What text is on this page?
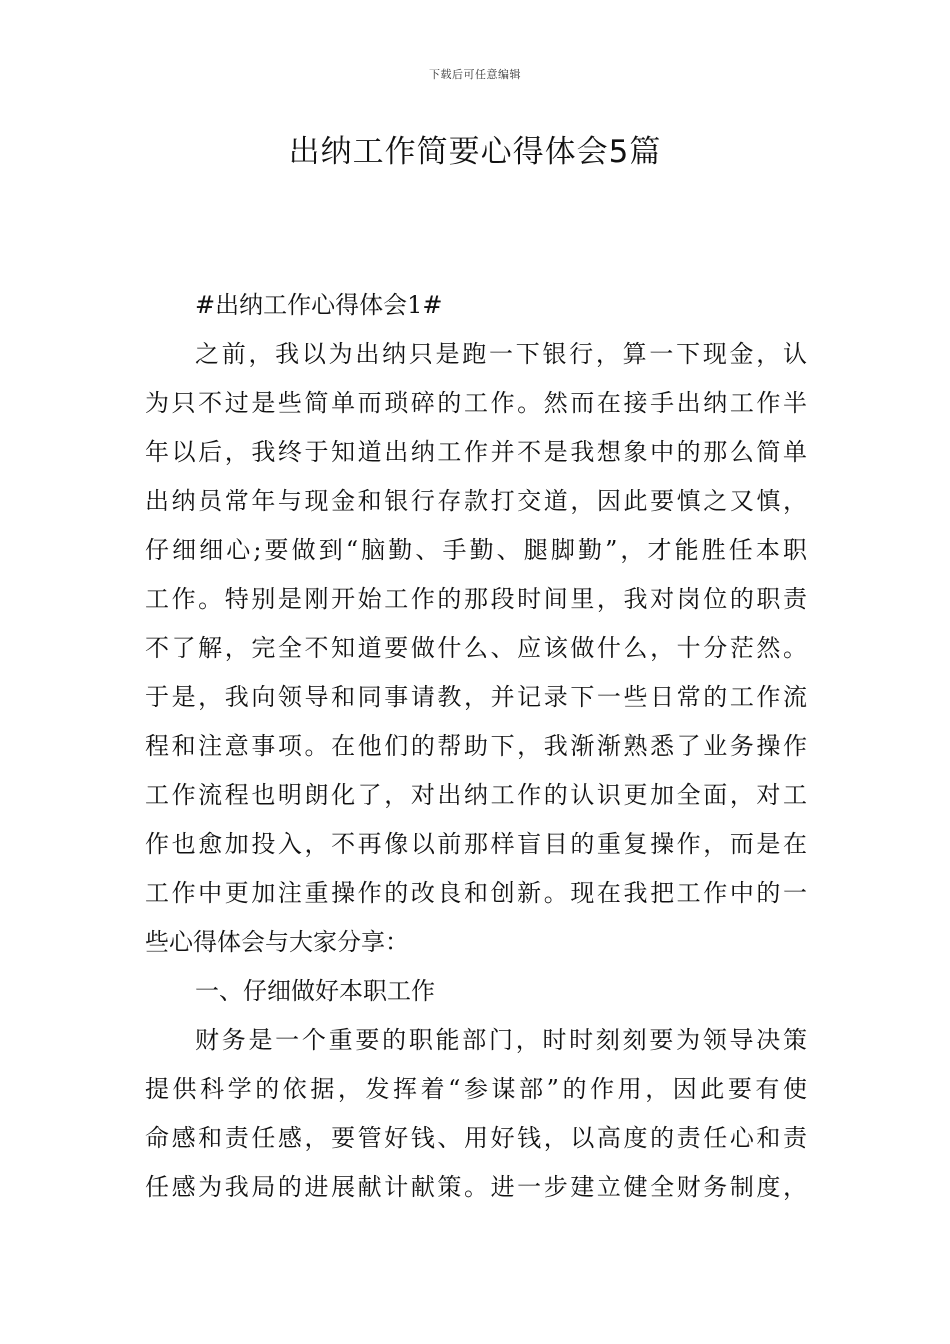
下载后可任意编辑
出纳工作简要心得体会5篇
#出纳工作心得体会1#
之前，我以为出纳只是跑一下银行，算一下现金，认
为只不过是些简单而琐碎的工作。然而在接手出纳工作半
年以后，我终于知道出纳工作并不是我想象中的那么简单
出纳员常年与现金和银行存款打交道，因此要慎之又慎，
仔细细心;要做到“脑勤、手勤、腿脚勤”，才能胜任本职
工作。特别是刚开始工作的那段时间里，我对岗位的职责
不了解，完全不知道要做什么、应该做什么，十分茫然。
于是，我向领导和同事请教，并记录下一些日常的工作流
程和注意事项。在他们的帮助下，我渐渐熟悉了业务操作
工作流程也明朗化了，对出纳工作的认识更加全面，对工
作也愈加投入，不再像以前那样盲目的重复操作，而是在
工作中更加注重操作的改良和创新。现在我把工作中的一
些心得体会与大家分享：
一、仔细做好本职工作
财务是一个重要的职能部门，时时刻刻要为领导决策
提供科学的依据，发挥着“参谋部”的作用，因此要有使
命感和责任感，要管好钱、用好钱，以高度的责任心和责
任感为我局的进展献计献策。进一步建立健全财务制度，
